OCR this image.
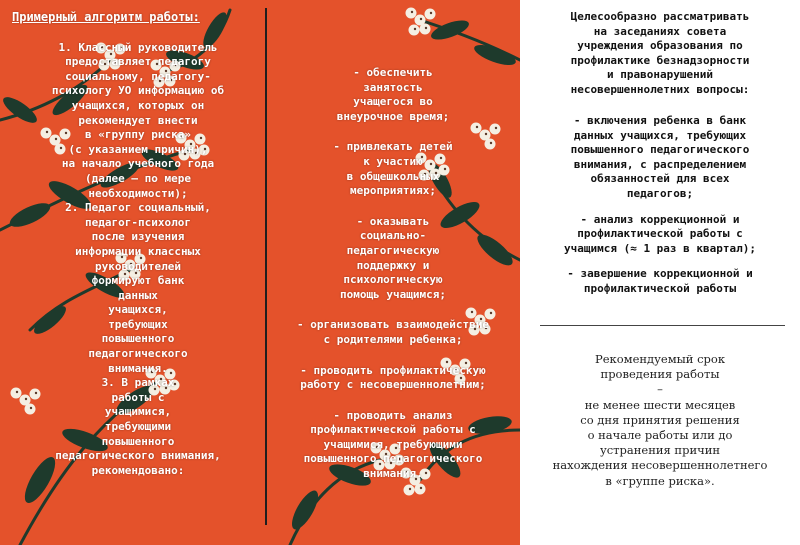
Примерный алгоритм работы:
1. Классный руководитель
предоставляет педагогу
социальному, педагогу-
психологу УО информацию об
учащихся, которых он
рекомендует внести
в «группу риска»
(с указанием причин),
на начало учебного года
(далее – по мере
необходимости);
2. Педагог социальный,
педагог-психолог
после изучения
информации классных
руководителей
формируют банк
данных
учащихся,
требующих
повышенного
педагогического
внимания.
3. В рамках
работы с
учащимися,
требующими
повышенного
педагогического внимания,
рекомендовано:
- обеспечить
занятость
учащегося во
внеурочное время;
- привлекать детей
к участию
в общешкольных
мероприятиях;
- оказывать
социально-
педагогическую
поддержку и
психологическую
помощь учащимся;
- организовать взаимодействие
с родителями ребенка;
- проводить профилактическую
работу с несовершеннолетним;
- проводить анализ
профилактической работы с
учащимися, требующими
повышенного педагогического
внимания.
Целесообразно рассматривать
на заседаниях совета
учреждения образования по
профилактике безнадзорности
и правонарушений
несовершеннолетних вопросы:
- включения ребенка в банк
данных учащихся, требующих
повышенного педагогического
внимания, с распределением
обязанностей для всех
педагогов;
- анализ коррекционной и
профилактической работы с
учащимся (≈ 1 раз в квартал);
- завершение коррекционной и
профилактической работы
Рекомендуемый срок
проведения работы
–
не менее шести месяцев
со дня принятия решения
о начале работы или до
устранения причин
нахождения несовершеннолетнего
в «группе риска».
